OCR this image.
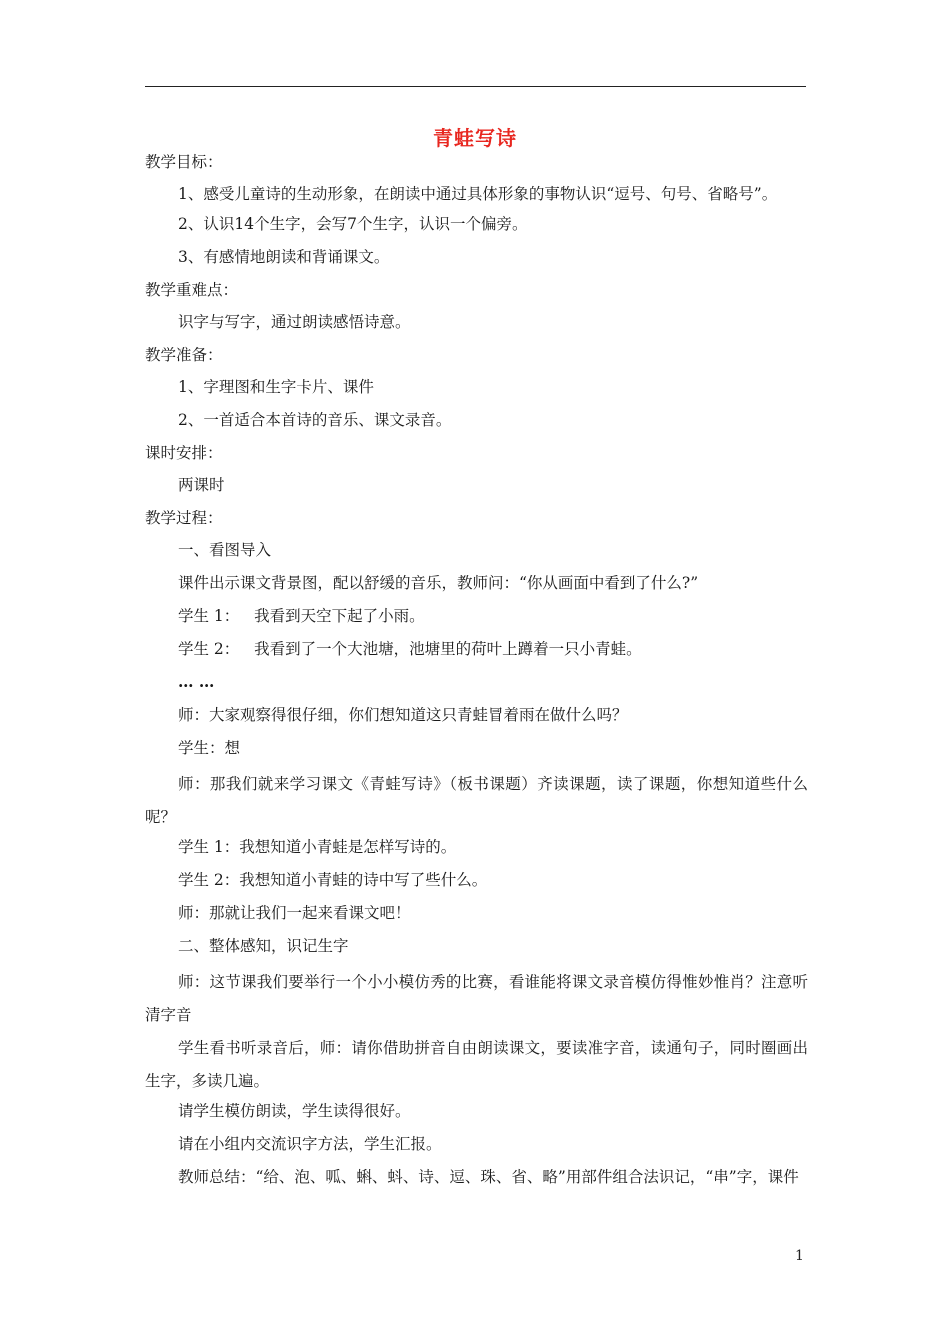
青蛙写诗
教学目标：
1、感受儿童诗的生动形象，在朗读中通过具体形象的事物认识“逗号、句号、省略号”。
2、认识14个生字，会写7个生字，认识一个偏旁。
3、有感情地朗读和背诵课文。
教学重难点：
识字与写字，通过朗读感悟诗意。
教学准备：
1、字理图和生字卡片、课件
2、一首适合本首诗的音乐、课文录音。
课时安排：
两课时
教学过程：
一、看图导入
课件出示课文背景图，配以舒缓的音乐，教师问：“你从画面中看到了什么?”
学生 1：   我看到天空下起了小雨。
学生 2：   我看到了一个大池塘，池塘里的荷叶上蹲着一只小青蛙。
… …
师：大家观察得很仔细，你们想知道这只青蛙冒着雨在做什么吗？
学生：想
师：那我们就来学习课文《青蛙写诗》（板书课题）齐读课题，读了课题，你想知道些什么呢？
学生 1：我想知道小青蛙是怎样写诗的。
学生 2：我想知道小青蛙的诗中写了些什么。
师：那就让我们一起来看课文吧！
二、整体感知，识记生字
师：这节课我们要举行一个小小模仿秀的比赛，看谁能将课文录音模仿得惟妙惟肖？注意听清字音
学生看书听录音后，师：请你借助拼音自由朗读课文，要读准字音，读通句子，同时圈画出生字，多读几遍。
请学生模仿朗读，学生读得很好。
请在小组内交流识字方法，学生汇报。
教师总结：“给、泡、呱、蝌、蚪、诗、逗、珠、省、略”用部件组合法识记，“串”字，课件
1
